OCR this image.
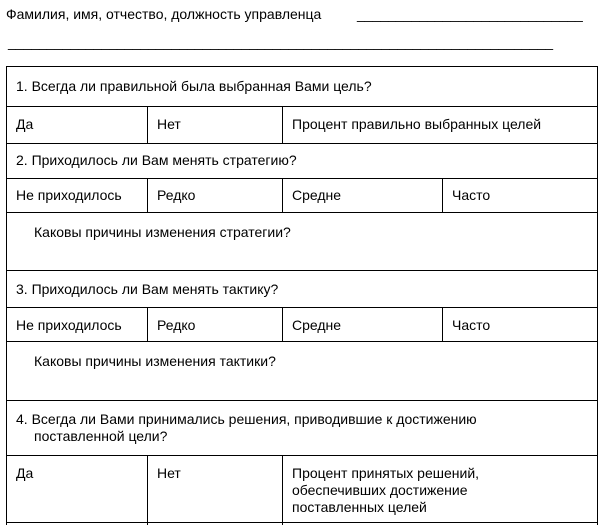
Фамилия, имя, отчество, должность управленца	_____________________________
______________________________________________________________________
1. Всегда ли правильной была выбранная Вами цель?
Да	Нет	Процент правильно выбранных целей
2. Приходилось ли Вам менять стратегию?
Не приходилось	Редко	Средне	Часто
Каковы причины изменения стратегии?
3. Приходилось ли Вам менять тактику?
Не приходилось	Редко	Средне	Часто
Каковы причины изменения тактики?
4. Всегда ли Вами принимались решения, приводившие к достижению
поставленной цели?
Да	Нет	Процент принятых решений,
обеспечивших достижение
поставленных целей
